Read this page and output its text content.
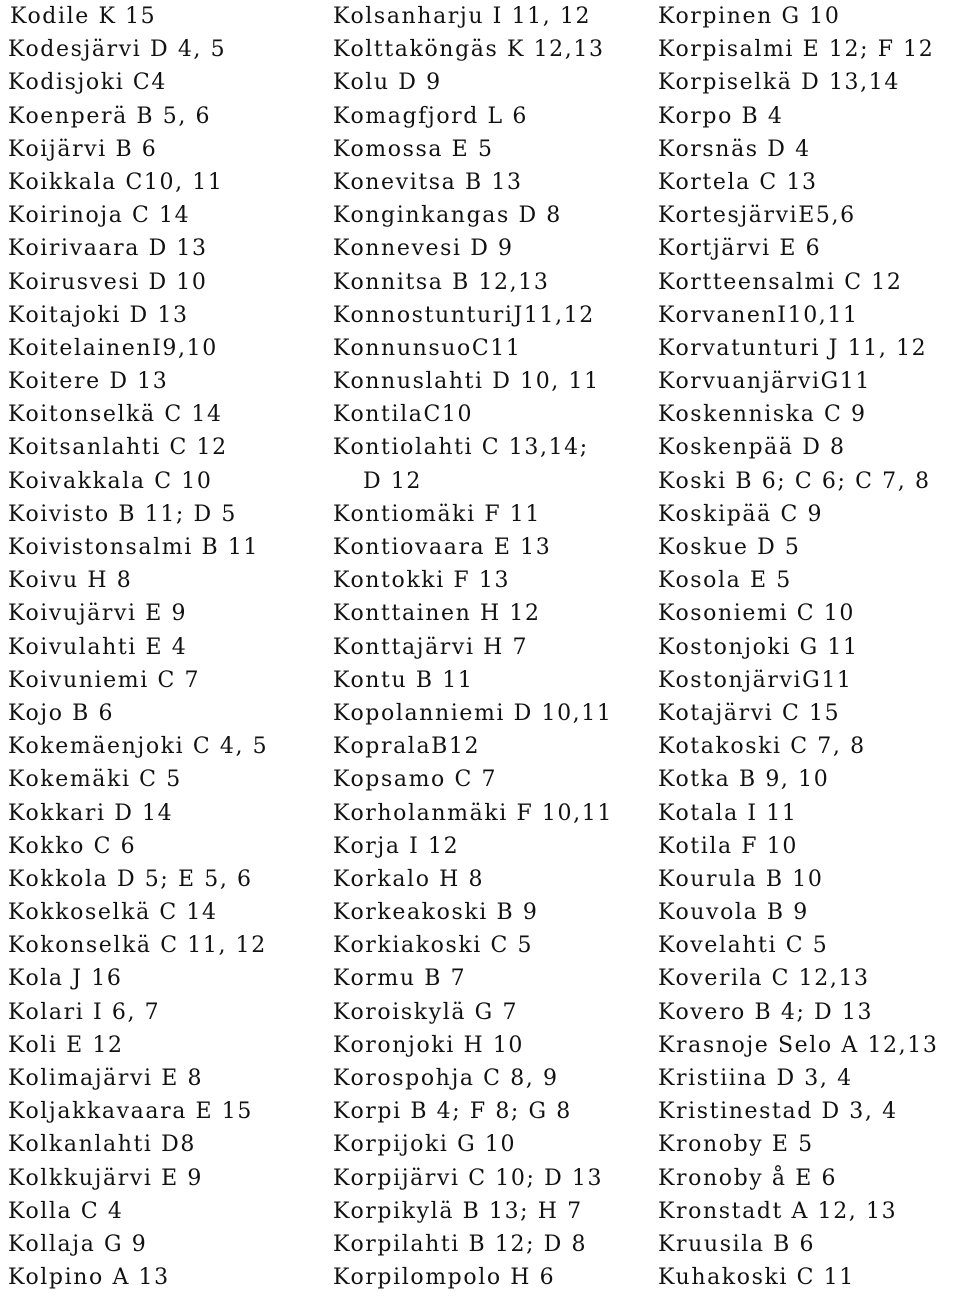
Kodile K 15
Kodesjärvi D 4, 5
Kodisjoki C4
Koenperä B 5, 6
Koijärvi B 6
Koikkala C10, 11
Koirinoja C 14
Koirivaara D 13
Koirusvesi D 10
Koitajoki D 13
KoitelainenI9,10
Koitere D 13
Koitonselkä C 14
Koitsanlahti C 12
Koivakkala C 10
Koivisto B 11; D 5
Koivistonsalmi B 11
Koivu H 8
Koivujärvi E 9
Koivulahti E 4
Koivuniemi C 7
Kojo B 6
Kokemäenjoki C 4, 5
Kokemäki C 5
Kokkari D 14
Kokko C 6
Kokkola D 5; E 5, 6
Kokkoselkä C 14
Kokonselkä C 11, 12
Kola J 16
Kolari I 6, 7
Koli E 12
Kolimajärvi E 8
Koljakkavaara E 15
Kolkanlahti D8
Kolkkujärvi E 9
Kolla C 4
Kollaja G 9
Kolpino A 13
Kolsanharju I 11, 12
Kolttaköngäs K 12,13
Kolu D 9
Komagfjord L 6
Komossa E 5
Konevitsa B 13
Konginkangas D 8
Konnevesi D 9
Konnitsa B 12,13
KonnostunturiJ11,12
KonnunsuoC11
Konnuslahti D 10, 11
KontilaC10
Kontiolahti C 13,14;
D 12
Kontiomäki F 11
Kontiovaara E 13
Kontokki F 13
Konttainen H 12
Konttajärvi H 7
Kontu B 11
Kopolanniemi D 10,11
KopralaB12
Kopsamo C 7
Korholanmäki F 10,11
Korja I 12
Korkalo H 8
Korkeakoski B 9
Korkiakoski C 5
Kormu B 7
Koroiskylä G 7
Koronjoki H 10
Korospohja C 8, 9
Korpi B 4; F 8; G 8
Korpijoki G 10
Korpijärvi C 10; D 13
Korpikylä B 13; H 7
Korpilahti B 12; D 8
Korpilompolo H 6
Korpinen G 10
Korpisalmi E 12; F 12
Korpiselkä D 13,14
Korpo B 4
Korsnäs D 4
Kortela C 13
KortesjärviE5,6
Kortjärvi E 6
Kortteensalmi C 12
KorvanenI10,11
Korvatunturi J 11, 12
KorvuanjärviG11
Koskenniska C 9
Koskenpää D 8
Koski B 6; C 6; C 7, 8
Koskipää C 9
Koskue D 5
Kosola E 5
Kosoniemi C 10
Kostonjoki G 11
KostonjärviG11
Kotajärvi C 15
Kotakoski C 7, 8
Kotka B 9, 10
Kotala I 11
Kotila F 10
Kourula B 10
Kouvola B 9
Kovelahti C 5
Koverila C 12,13
Kovero B 4; D 13
Krasnoje Selo A 12,13
Kristiina D 3, 4
Kristinestad D 3, 4
Kronoby E 5
Kronoby å E 6
Kronstadt A 12, 13
Kruusila B 6
Kuhakoski C 11
